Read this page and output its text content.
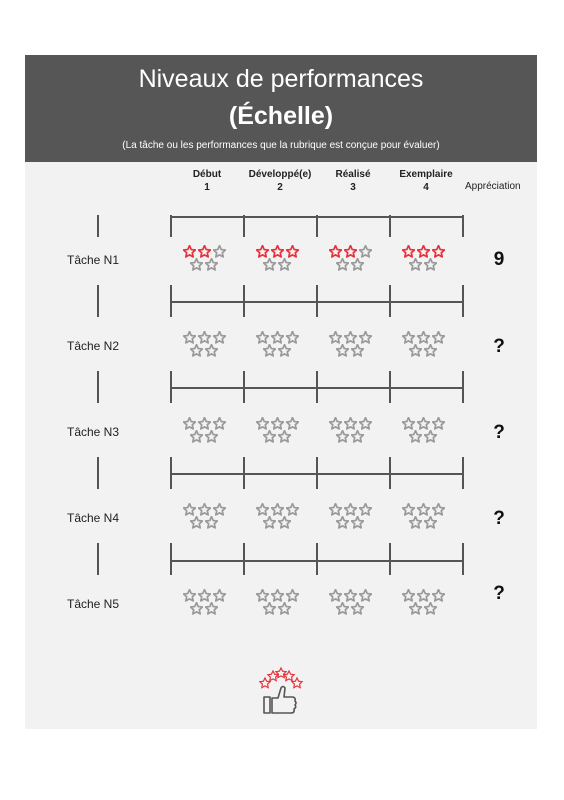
Niveaux de performances
(Échelle)
(La tâche ou les performances que la rubrique est conçue pour évaluer)
Début
1
Développé(e)
2
Réalisé
3
Exemplaire
4	Appréciation
Tâche N1
Tâche N2
Tâche N3
Tâche N4
Tâche N5
9
?
?
?
?
